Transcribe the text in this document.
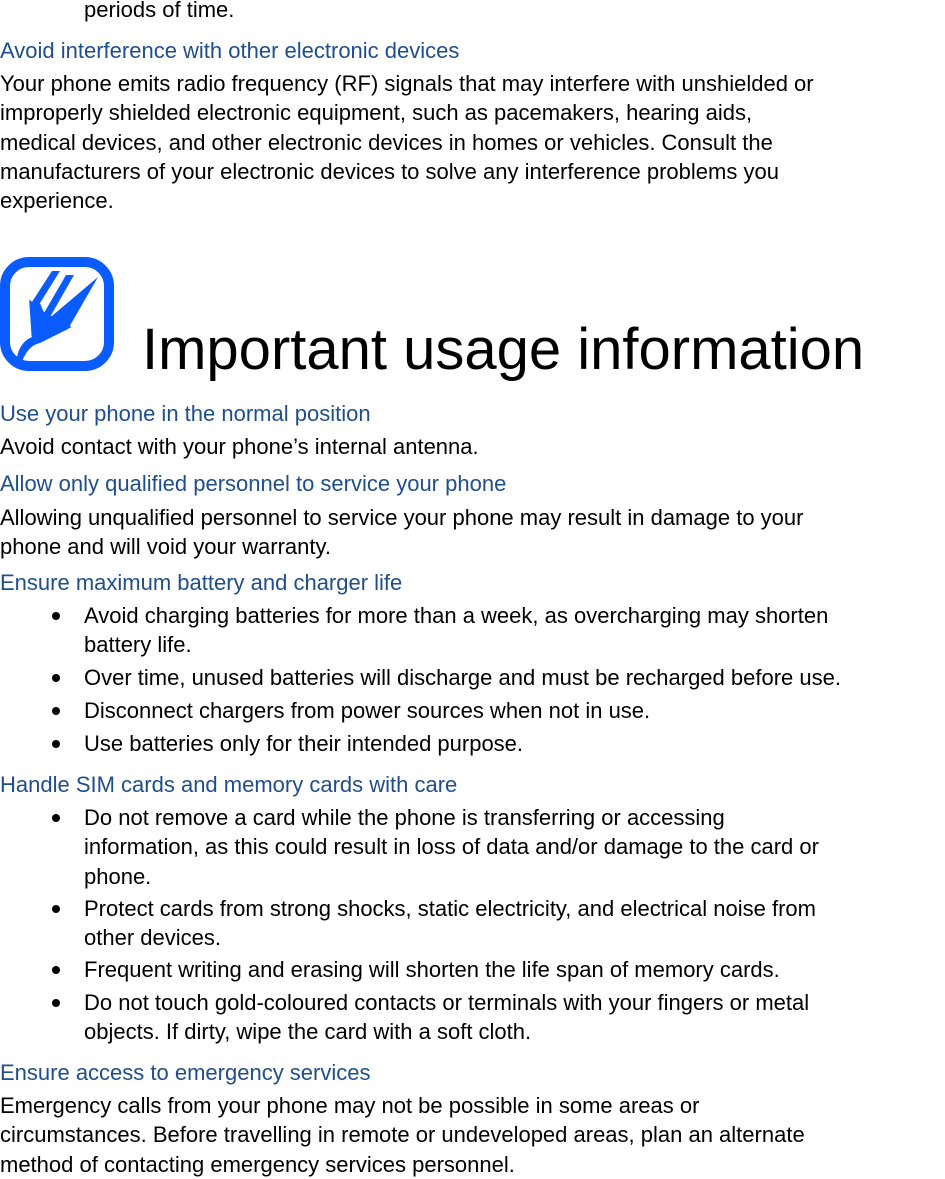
periods of time.
Avoid interference with other electronic devices
Your phone emits radio frequency (RF) signals that may interfere with unshielded or
improperly shielded electronic equipment, such as pacemakers, hearing aids,
medical devices, and other electronic devices in homes or vehicles. Consult the
manufacturers of your electronic devices to solve any interference problems you
experience.
Important usage information
Use your phone in the normal position
Avoid contact with your phone’s internal antenna.
Allow only qualified personnel to service your phone
Allowing unqualified personnel to service your phone may result in damage to your
phone and will void your warranty.
Ensure maximum battery and charger life
Avoid charging batteries for more than a week, as overcharging may shorten
battery life.
Over time, unused batteries will discharge and must be recharged before use.
Disconnect chargers from power sources when not in use.
Use batteries only for their intended purpose.
Handle SIM cards and memory cards with care
Do not remove a card while the phone is transferring or accessing
information, as this could result in loss of data and/or damage to the card or
phone.
Protect cards from strong shocks, static electricity, and electrical noise from
other devices.
Frequent writing and erasing will shorten the life span of memory cards.
Do not touch gold-coloured contacts or terminals with your fingers or metal
objects. If dirty, wipe the card with a soft cloth.
Ensure access to emergency services
Emergency calls from your phone may not be possible in some areas or
circumstances. Before travelling in remote or undeveloped areas, plan an alternate
method of contacting emergency services personnel.
